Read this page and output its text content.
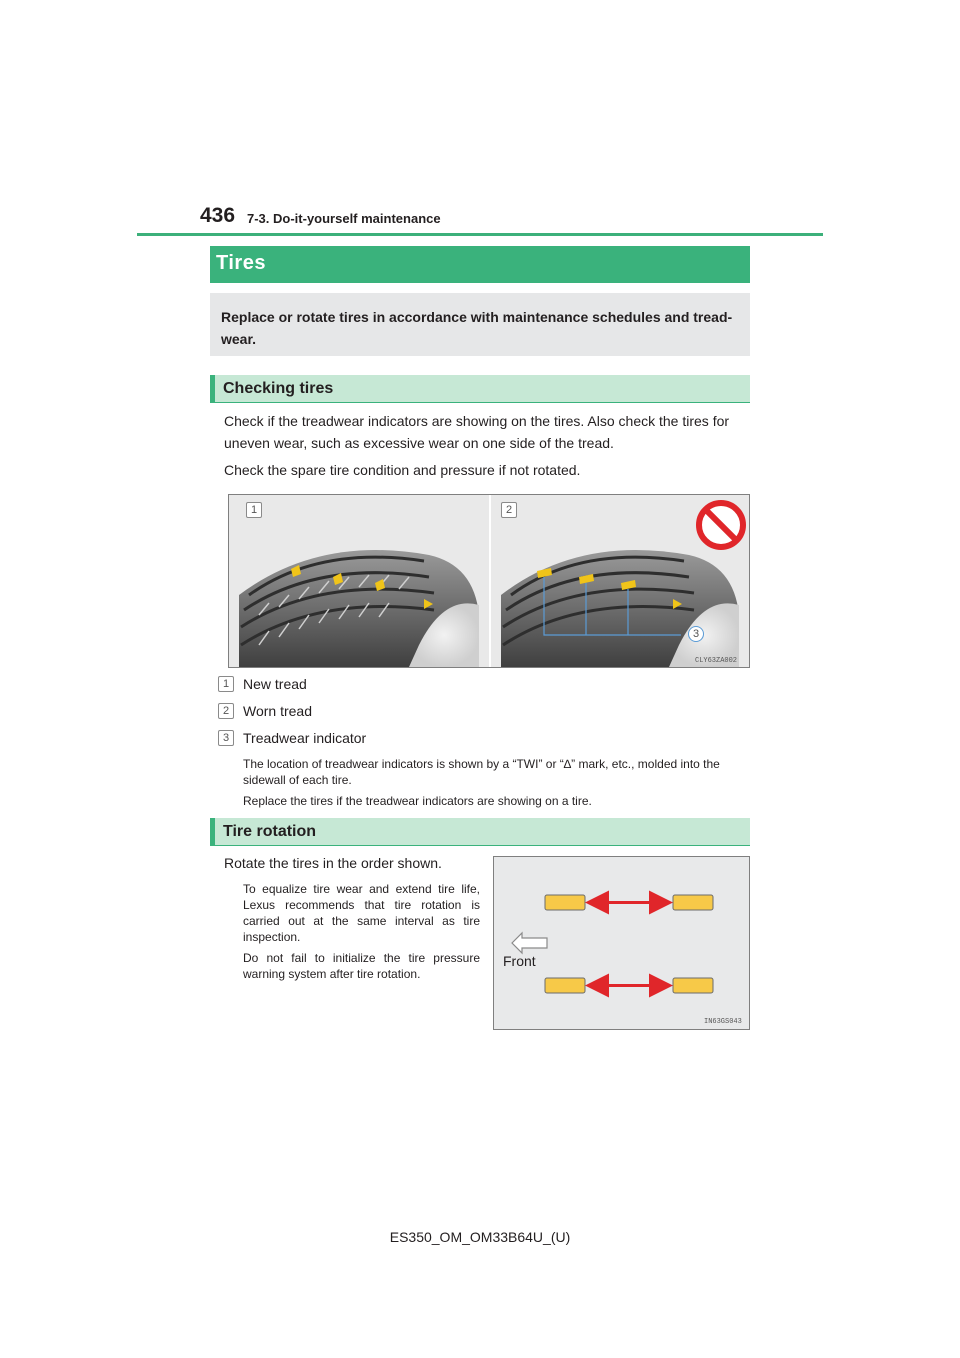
436 7-3. Do-it-yourself maintenance
Tires
Replace or rotate tires in accordance with maintenance schedules and tread-wear.
Checking tires
Check if the treadwear indicators are showing on the tires. Also check the tires for uneven wear, such as excessive wear on one side of the tread.
Check the spare tire condition and pressure if not rotated.
1	2
3
CLY63ZA002
1 New tread
2 Worn tread
3 Treadwear indicator
The location of treadwear indicators is shown by a “TWI” or “∆” mark, etc., molded into the sidewall of each tire.
Replace the tires if the treadwear indicators are showing on a tire.
Tire rotation
Rotate the tires in the order shown.
To equalize tire wear and extend tire life, Lexus recommends that tire rotation is carried out at the same interval as tire inspection.
Do not fail to initialize the tire pressure warning system after tire rotation.
Front
IN63GS043
ES350_OM_OM33B64U_(U)
